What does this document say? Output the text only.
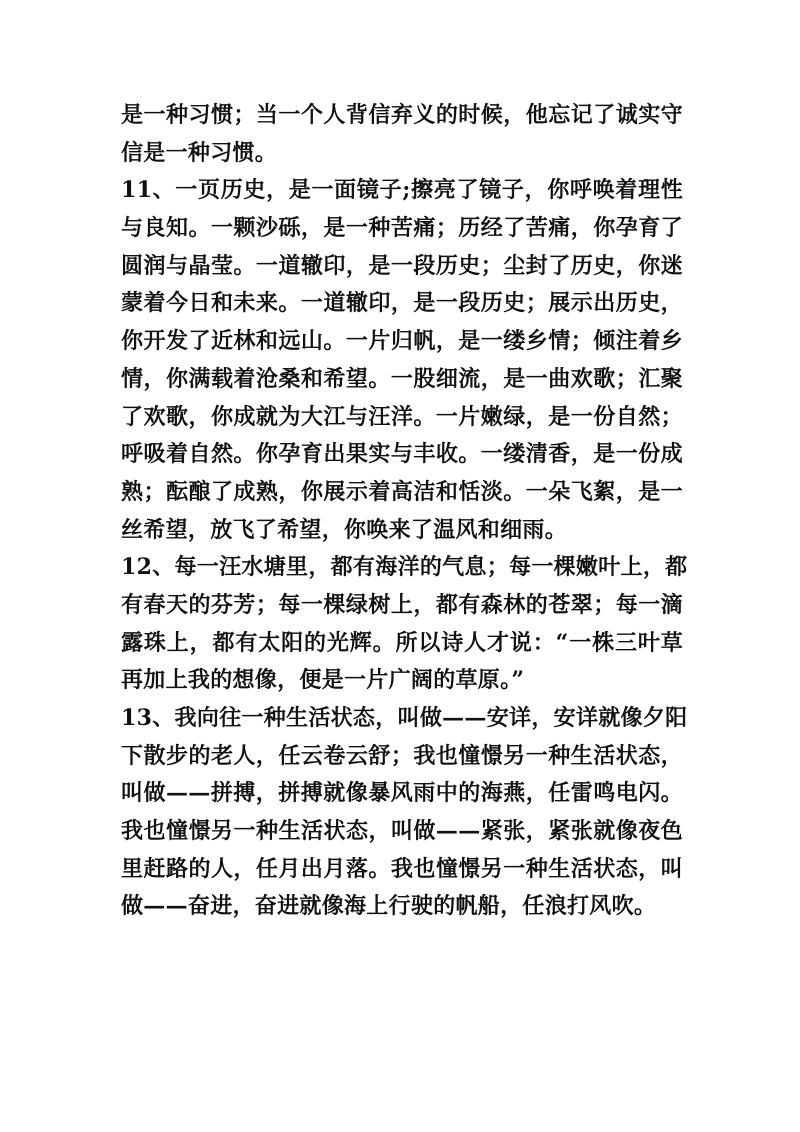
是一种习惯；当一个人背信弃义的时候，他忘记了诚实守
信是一种习惯。
11、一页历史，是一面镜子;擦亮了镜子，你呼唤着理性
与良知。一颗沙砾，是一种苦痛；历经了苦痛，你孕育了
圆润与晶莹。一道辙印，是一段历史；尘封了历史，你迷
蒙着今日和未来。一道辙印，是一段历史；展示出历史，
你开发了近林和远山。一片归帆，是一缕乡情；倾注着乡
情，你满载着沧桑和希望。一股细流，是一曲欢歌；汇聚
了欢歌，你成就为大江与汪洋。一片嫩绿，是一份自然；
呼吸着自然。你孕育出果实与丰收。一缕清香，是一份成
熟；酝酿了成熟，你展示着高洁和恬淡。一朵飞絮，是一
丝希望，放飞了希望，你唤来了温风和细雨。
12、每一汪水塘里，都有海洋的气息；每一棵嫩叶上，都
有春天的芬芳；每一棵绿树上，都有森林的苍翠；每一滴
露珠上，都有太阳的光辉。所以诗人才说：“一株三叶草
再加上我的想像，便是一片广阔的草原。”
13、我向往一种生活状态，叫做——安详，安详就像夕阳
下散步的老人，任云卷云舒；我也憧憬另一种生活状态，
叫做——拼搏，拼搏就像暴风雨中的海燕，任雷鸣电闪。
我也憧憬另一种生活状态，叫做——紧张，紧张就像夜色
里赶路的人，任月出月落。我也憧憬另一种生活状态，叫
做——奋进，奋进就像海上行驶的帆船，任浪打风吹。
